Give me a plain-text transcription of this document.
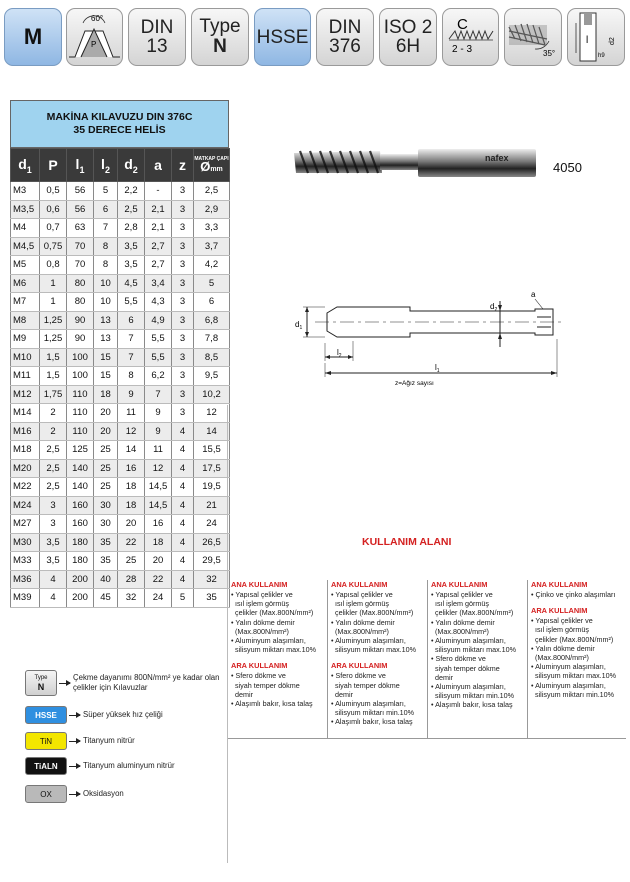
M
60°
P
DIN 13
Type
N HSSE DIN
376
ISO 2
6H
C
2 - 3	35°
l	d2
h9
MAKİNA KILAVUZU DIN 376C
35 DERECE HELİS
$d_1$	P	$l_1$	$l_2$	$d_2$	a	z	MATKAP ÇAPI
Ømm
M3	0,5	56	5	2,2	-	3	2,5
M3,5	0,6	56	6	2,5	2,1	3	2,9
M4	0,7	63	7	2,8	2,1	3	3,3
M4,5	0,75	70	8	3,5	2,7	3	3,7
M5	0,8	70	8	3,5	2,7	3	4,2
M6	1	80	10	4,5	3,4	3	5
M7	1	80	10	5,5	4,3	3	6
M8	1,25	90	13	6	4,9	3	6,8
M9	1,25	90	13	7	5,5	3	7,8
M10	1,5	100	15	7	5,5	3	8,5
M11	1,5	100	15	8	6,2	3	9,5
M12	1,75	110	18	9	7	3	10,2
M14	2	110	20	11	9	3	12
M16	2	110	20	12	9	4	14
M18	2,5	125	25	14	11	4	15,5
M20	2,5	140	25	16	12	4	17,5
M22	2,5	140	25	18	14,5	4	19,5
M24	3	160	30	18	14,5	4	21
M27	3	160	30	20	16	4	24
M30	3,5	180	35	22	18	4	26,5
M33	3,5	180	35	25	20	4	29,5
M36	4	200	40	28	22	4	32
M39	4	200	45	32	24	5	35
nafex
4050
$d_1$
$d_2$
a
$l_2$
$l_1$
z=Ağız sayısı
KULLANIM ALANI
ANA KULLANIM
• Yapısal çelikler ve
ısıl işlem görmüş
çelikler (Max.800N/mm²)
• Yalın dökme demir
(Max.800N/mm²)
• Aluminyum alaşımları,
silisyum miktarı max.10%
ARA KULLANIM
• Sfero dökme ve
siyah temper dökme
demir
• Alaşımlı bakır, kısa talaş
ANA KULLANIM
• Yapısal çelikler ve
ısıl işlem görmüş
çelikler (Max.800N/mm²)
• Yalın dökme demir
(Max.800N/mm²)
• Aluminyum alaşımları,
silisyum miktarı max.10%
ARA KULLANIM
• Sfero dökme ve
siyah temper dökme
demir
• Aluminyum alaşımları,
silisyum miktarı min.10%
• Alaşımlı bakır, kısa talaş
ANA KULLANIM
• Yapısal çelikler ve
ısıl işlem görmüş
çelikler (Max.800N/mm²)
• Yalın dökme demir
(Max.800N/mm²)
• Aluminyum alaşımları,
silisyum miktarı max.10%
• Sfero dökme ve
siyah temper dökme
demir
• Aluminyum alaşımları,
silisyum miktarı min.10%
• Alaşımlı bakır, kısa talaş
ANA KULLANIM
• Çinko ve çinko alaşımları
ARA KULLANIM
• Yapısal çelikler ve
ısıl işlem görmüş
çelikler (Max.800N/mm²)
• Yalın dökme demir
(Max.800N/mm²)
• Aluminyum alaşımları,
silisyum miktarı max.10%
• Aluminyum alaşımları,
silisyum miktarı min.10%
Type
N
Çekme dayanımı 800N/mm² ye kadar olan çelikler için Kılavuzlar
HSSE	Süper yüksek hız çeliği
TiN	Titanyum nitrür
TiALN	Titanyum aluminyum nitrür
OX	Oksidasyon
